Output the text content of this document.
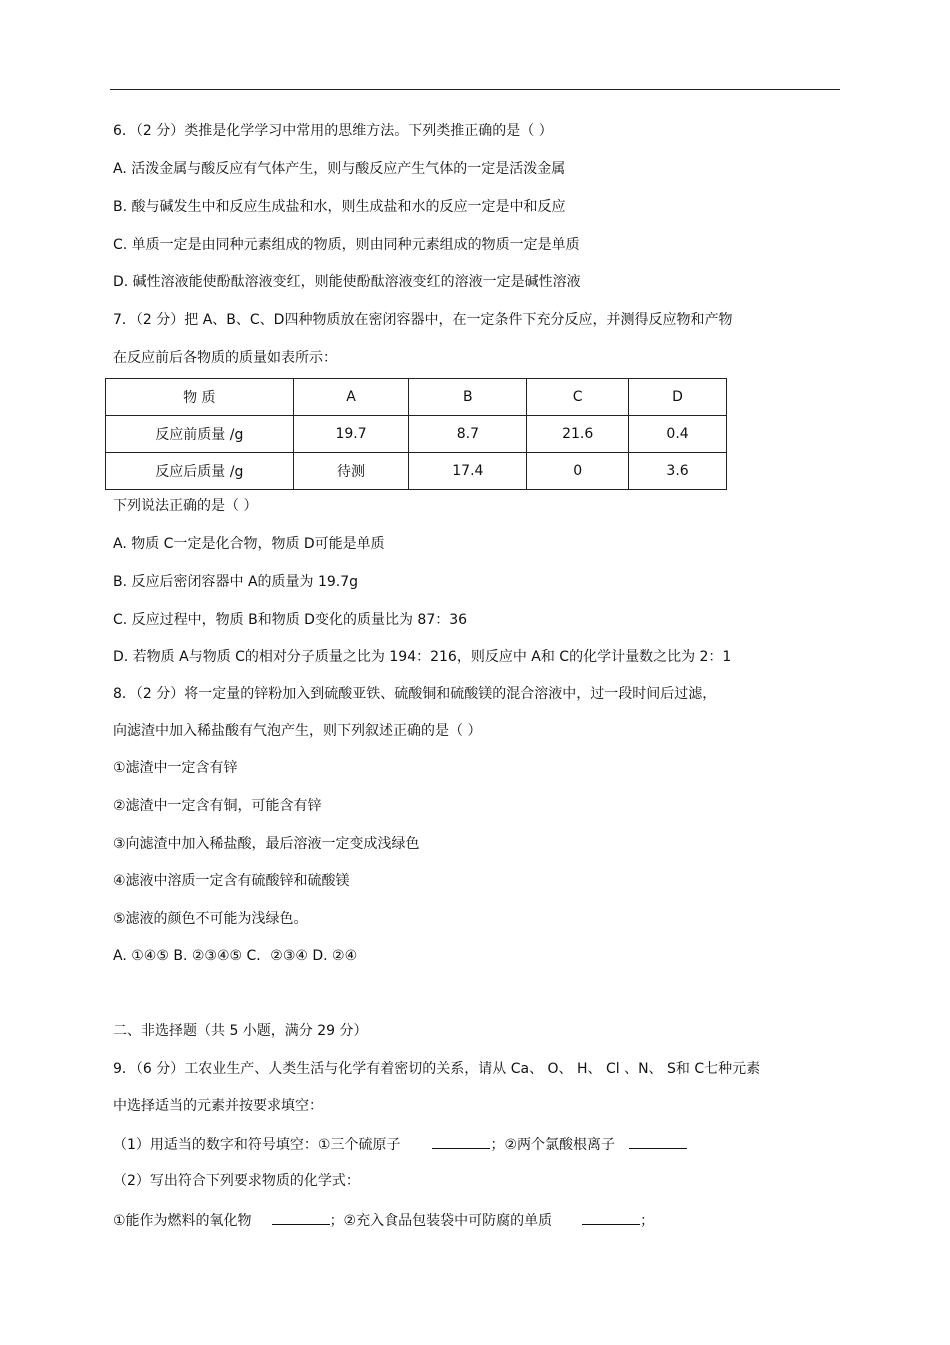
6．（2 分）类推是化学学习中常用的思维方法。下列类推正确的是（ ）
A. 活泼金属与酸反应有气体产生，则与酸反应产生气体的一定是活泼金属
B. 酸与碱发生中和反应生成盐和水，则生成盐和水的反应一定是中和反应
C. 单质一定是由同种元素组成的物质，则由同种元素组成的物质一定是单质
D. 碱性溶液能使酚酞溶液变红，则能使酚酞溶液变红的溶液一定是碱性溶液
7．（2 分）把 A、B、C、D四种物质放在密闭容器中，在一定条件下充分反应，并测得反应物和产物
在反应前后各物质的质量如表所示：
物 质	A	B	C	D
反应前质量 /g	19.7	8.7	21.6	0.4
反应后质量 /g	待测	17.4	0	3.6
下列说法正确的是（ ）
A. 物质 C一定是化合物，物质 D可能是单质
B. 反应后密闭容器中 A的质量为 19.7g
C. 反应过程中，物质 B和物质 D变化的质量比为 87：36
D. 若物质 A与物质 C的相对分子质量之比为 194：216，则反应中 A和 C的化学计量数之比为 2：1
8．（2 分）将一定量的锌粉加入到硫酸亚铁、硫酸铜和硫酸镁的混合溶液中，过一段时间后过滤，
向滤渣中加入稀盐酸有气泡产生，则下列叙述正确的是（ ）
①滤渣中一定含有锌
②滤渣中一定含有铜，可能含有锌
③向滤渣中加入稀盐酸，最后溶液一定变成浅绿色
④滤液中溶质一定含有硫酸锌和硫酸镁
⑤滤液的颜色不可能为浅绿色。
A. ①④⑤ B. ②③④⑤ C．②③④ D. ②④
二、非选择题（共 5 小题，满分 29 分）
9．（6 分）工农业生产、人类生活与化学有着密切的关系，请从 Ca、 O、 H、 Cl 、N、 S和 C七种元素
中选择适当的元素并按要求填空：
（1）用适当的数字和符号填空：①三个硫原子	；②两个氯酸根离子
（2）写出符合下列要求物质的化学式：
①能作为燃料的氧化物	；②充入食品包装袋中可防腐的单质	；
